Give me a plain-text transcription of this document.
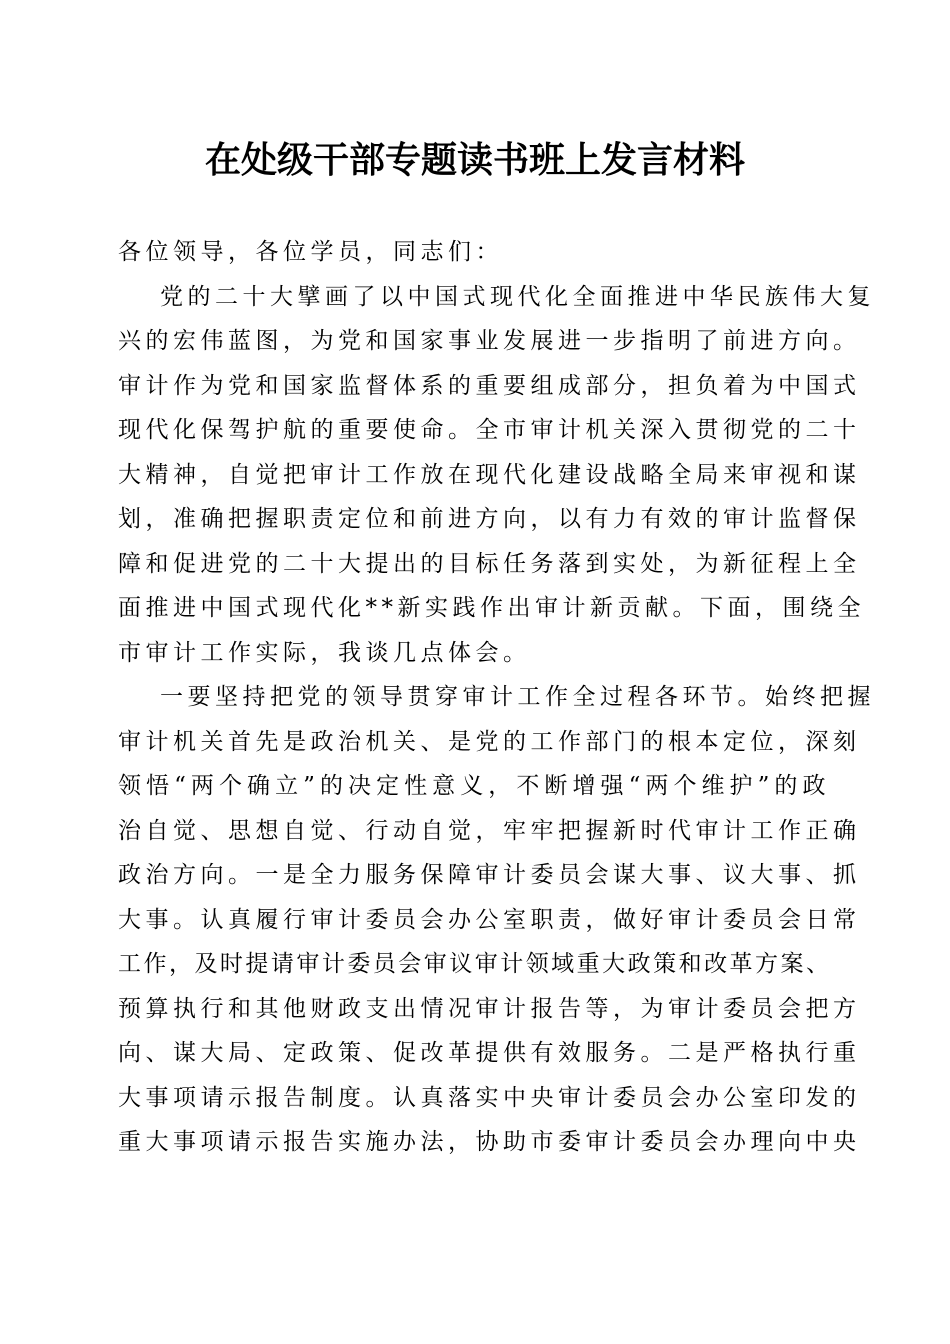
在处级干部专题读书班上发言材料
各位领导，各位学员，同志们：
党的二十大擘画了以中国式现代化全面推进中华民族伟大复
兴的宏伟蓝图，为党和国家事业发展进一步指明了前进方向。
审计作为党和国家监督体系的重要组成部分，担负着为中国式
现代化保驾护航的重要使命。全市审计机关深入贯彻党的二十
大精神，自觉把审计工作放在现代化建设战略全局来审视和谋
划，准确把握职责定位和前进方向，以有力有效的审计监督保
障和促进党的二十大提出的目标任务落到实处，为新征程上全
面推进中国式现代化**新实践作出审计新贡献。下面，围绕全
市审计工作实际，我谈几点体会。
一要坚持把党的领导贯穿审计工作全过程各环节。始终把握
审计机关首先是政治机关、是党的工作部门的根本定位，深刻
领悟“两个确立”的决定性意义，不断增强“两个维护”的政
治自觉、思想自觉、行动自觉，牢牢把握新时代审计工作正确
政治方向。一是全力服务保障审计委员会谋大事、议大事、抓
大事。认真履行审计委员会办公室职责，做好审计委员会日常
工作，及时提请审计委员会审议审计领域重大政策和改革方案、
预算执行和其他财政支出情况审计报告等，为审计委员会把方
向、谋大局、定政策、促改革提供有效服务。二是严格执行重
大事项请示报告制度。认真落实中央审计委员会办公室印发的
重大事项请示报告实施办法，协助市委审计委员会办理向中央
